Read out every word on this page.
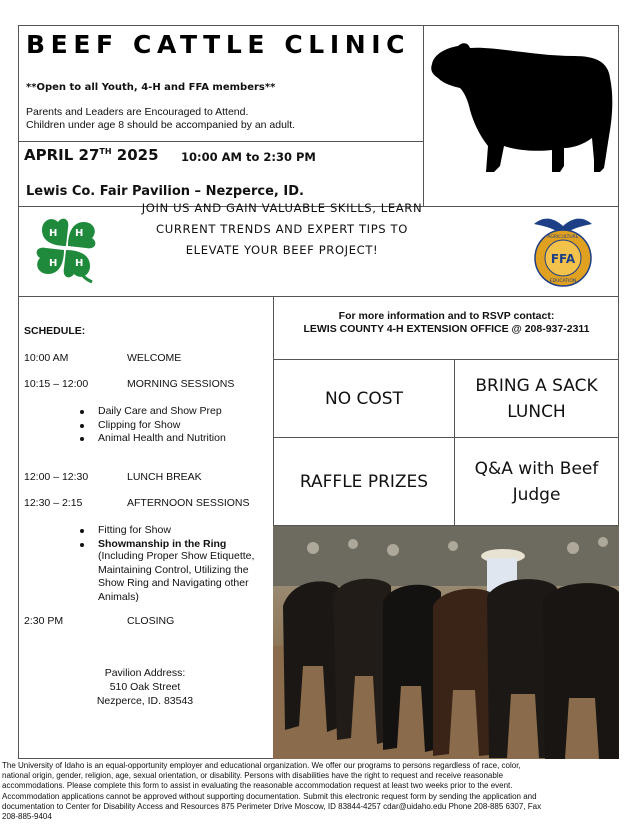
BEEF CATTLE CLINIC
**Open to all Youth, 4-H and FFA members**
Parents and Leaders are Encouraged to Attend.
Children under age 8 should be accompanied by an adult.
APRIL 27TH 2025 10:00 AM to 2:30 PM
Lewis Co. Fair Pavilion – Nezperce, ID.
H H
H
H
JOIN US AND GAIN VALUABLE SKILLS, LEARN
CURRENT TRENDS AND EXPERT TIPS TO
ELEVATE YOUR BEEF PROJECT!
FFA
AGRICULTURE
EDUCATION
SCHEDULE:
10:00 AM	WELCOME
10:15 – 12:00	MORNING SESSIONS
Daily Care and Show Prep
Clipping for Show
Animal Health and Nutrition
12:00 – 12:30	LUNCH BREAK
12:30 – 2:15	AFTERNOON SESSIONS
Fitting for Show
Showmanship in the Ring
(Including Proper Show Etiquette,
Maintaining Control, Utilizing the
Show Ring and Navigating other
Animals)
2:30 PM	CLOSING
Pavilion Address:
510 Oak Street
Nezperce, ID. 83543
For more information and to RSVP contact:
LEWIS COUNTY 4-H EXTENSION OFFICE @ 208-937-2311
NO COST
BRING A SACK
LUNCH
RAFFLE PRIZES
Q&A with Beef
Judge
The University of Idaho is an equal-opportunity employer and educational organization. We offer our programs to persons regardless of race, color,
national origin, gender, religion, age, sexual orientation, or disability. Persons with disabilities have the right to request and receive reasonable
accommodations. Please complete this form to assist in evaluating the reasonable accommodation request at least two weeks prior to the event.
Accommodation applications cannot be approved without supporting documentation. Submit this electronic request form by sending the application and
documentation to Center for Disability Access and Resources 875 Perimeter Drive Moscow, ID 83844-4257 cdar@uidaho.edu Phone 208-885 6307, Fax
208-885-9404
